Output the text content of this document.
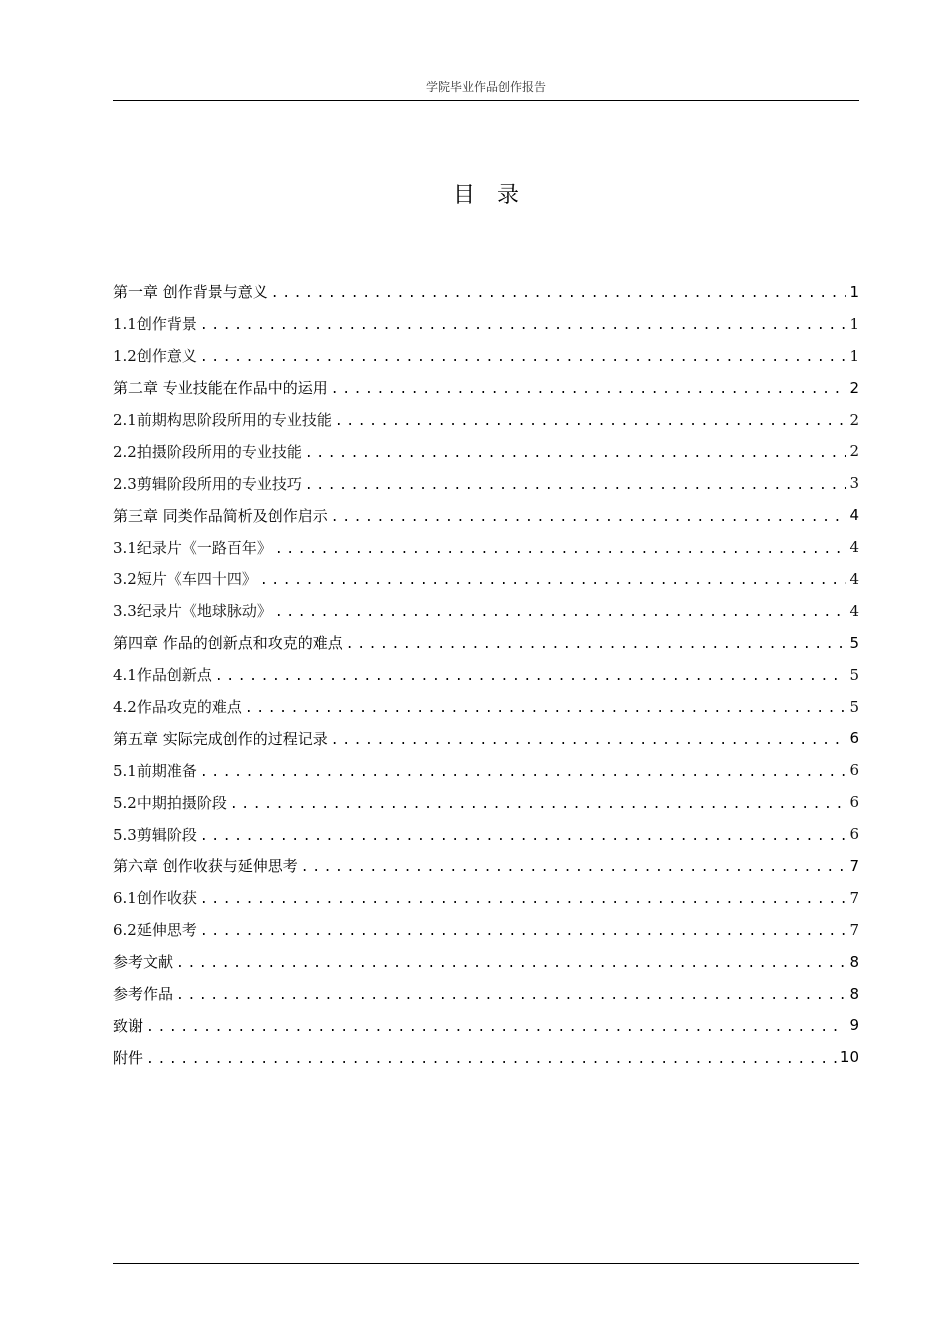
学院毕业作品创作报告
目录
第一章 创作背景与意义 .....	1
1.1创作背景 .....	1
1.2创作意义 .....	1
第二章 专业技能在作品中的运用 .....	2
2.1前期构思阶段所用的专业技能 .....	2
2.2拍摄阶段所用的专业技能 .....	2
2.3剪辑阶段所用的专业技巧 .....	3
第三章 同类作品简析及创作启示 .....	4
3.1纪录片《一路百年》 .....	4
3.2短片《车四十四》 .....	4
3.3纪录片《地球脉动》 .....	4
第四章 作品的创新点和攻克的难点 .....	5
4.1作品创新点 .....	5
4.2作品攻克的难点 .....	5
第五章 实际完成创作的过程记录 .....	6
5.1前期准备 .....	6
5.2中期拍摄阶段 .....	6
5.3剪辑阶段 .....	6
第六章 创作收获与延伸思考 .....	7
6.1创作收获 .....	7
6.2延伸思考 .....	7
参考文献 .....	8
参考作品 .....	8
致谢 .....	9
附件 .....	10
